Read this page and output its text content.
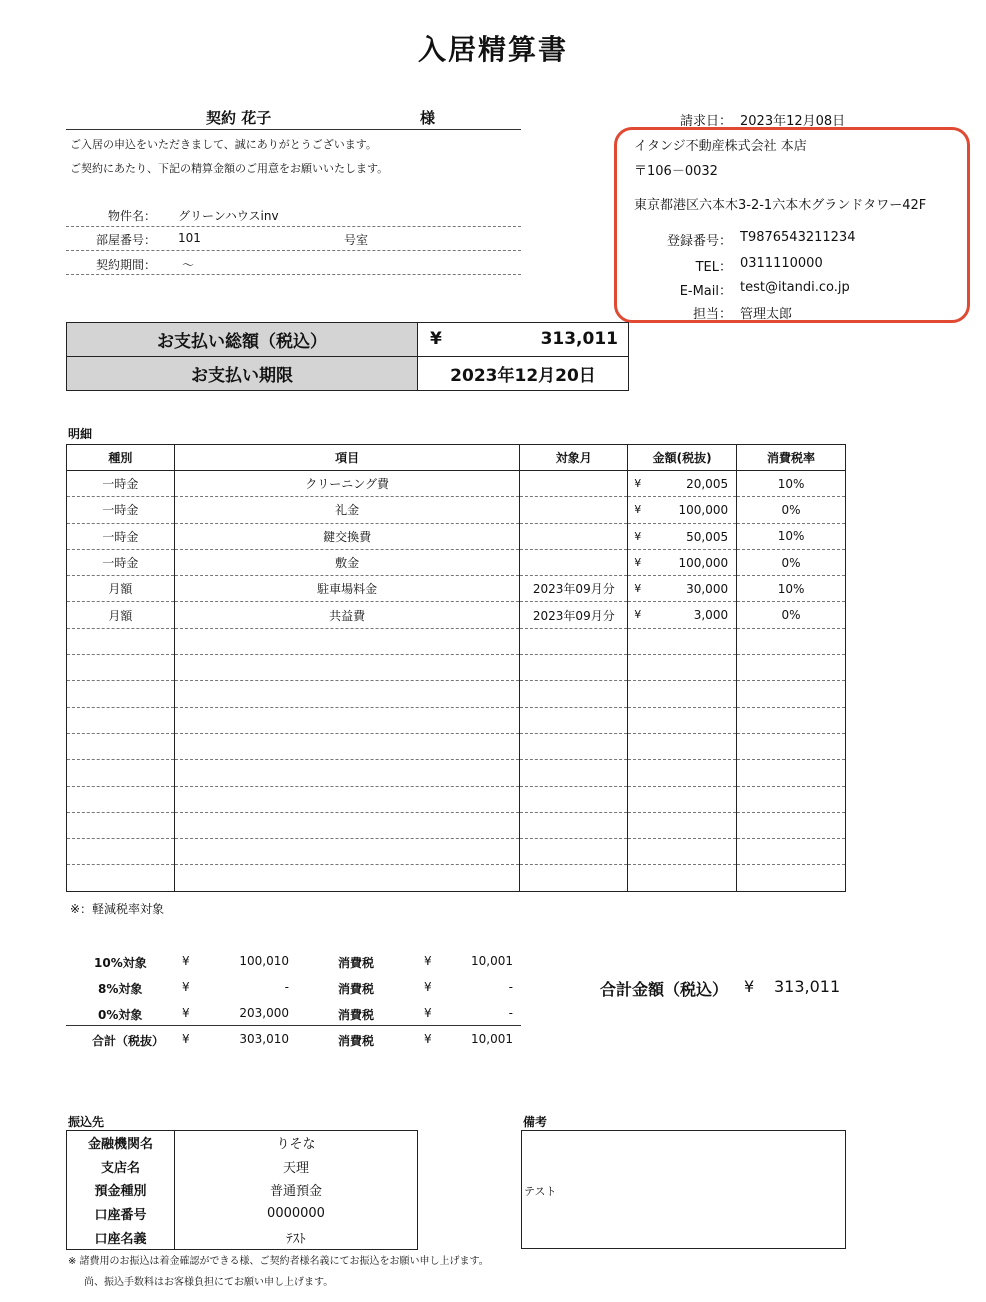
入居精算書
契約 花子	様
ご入居の申込をいただきまして、誠にありがとうございます。
ご契約にあたり、下記の精算金額のご用意をお願いいたします。
物件名： グリーンハウスinv
部屋番号： 101	号室
契約期間： 〜
請求日： 2023年12月08日
イタンジ不動産株式会社 本店
〒106－0032
東京都港区六本木3-2-1六本木グランドタワー42F
登録番号： T9876543211234
TEL： 0311110000
E-Mail： test@itandi.co.jp
担当： 管理太郎
お支払い総額（税込）	¥ 313,011

お支払い期限	2023年12月20日
明細
種別	項目	対象月	金額(税抜)	消費税率
一時金	クリーニング費		¥ 20,005	10%
一時金	礼金		¥ 100,000	0%
一時金	鍵交換費		¥ 50,005	10%
一時金	敷金		¥ 100,000	0%
月額	駐車場料金	2023年09月分	¥ 30,000	10%
月額	共益費	2023年09月分	¥ 3,000	0%

※：軽減税率対象
10%対象	¥	100,010	消費税	¥	10,001
8%対象	¥	-	消費税	¥	-
0%対象	¥	203,000	消費税	¥	-
合計（税抜） ¥	303,010	消費税	¥	10,001
合計金額（税込） ¥ 313,011
振込先
金融機関名	りそな
支店名	天理
預金種別	普通預金
口座番号	0000000
口座名義	ﾃｽﾄ
備考
テスト
※ 諸費用のお振込は着金確認ができる様、ご契約者様名義にてお振込をお願い申し上げます。
尚、振込手数料はお客様負担にてお願い申し上げます。
